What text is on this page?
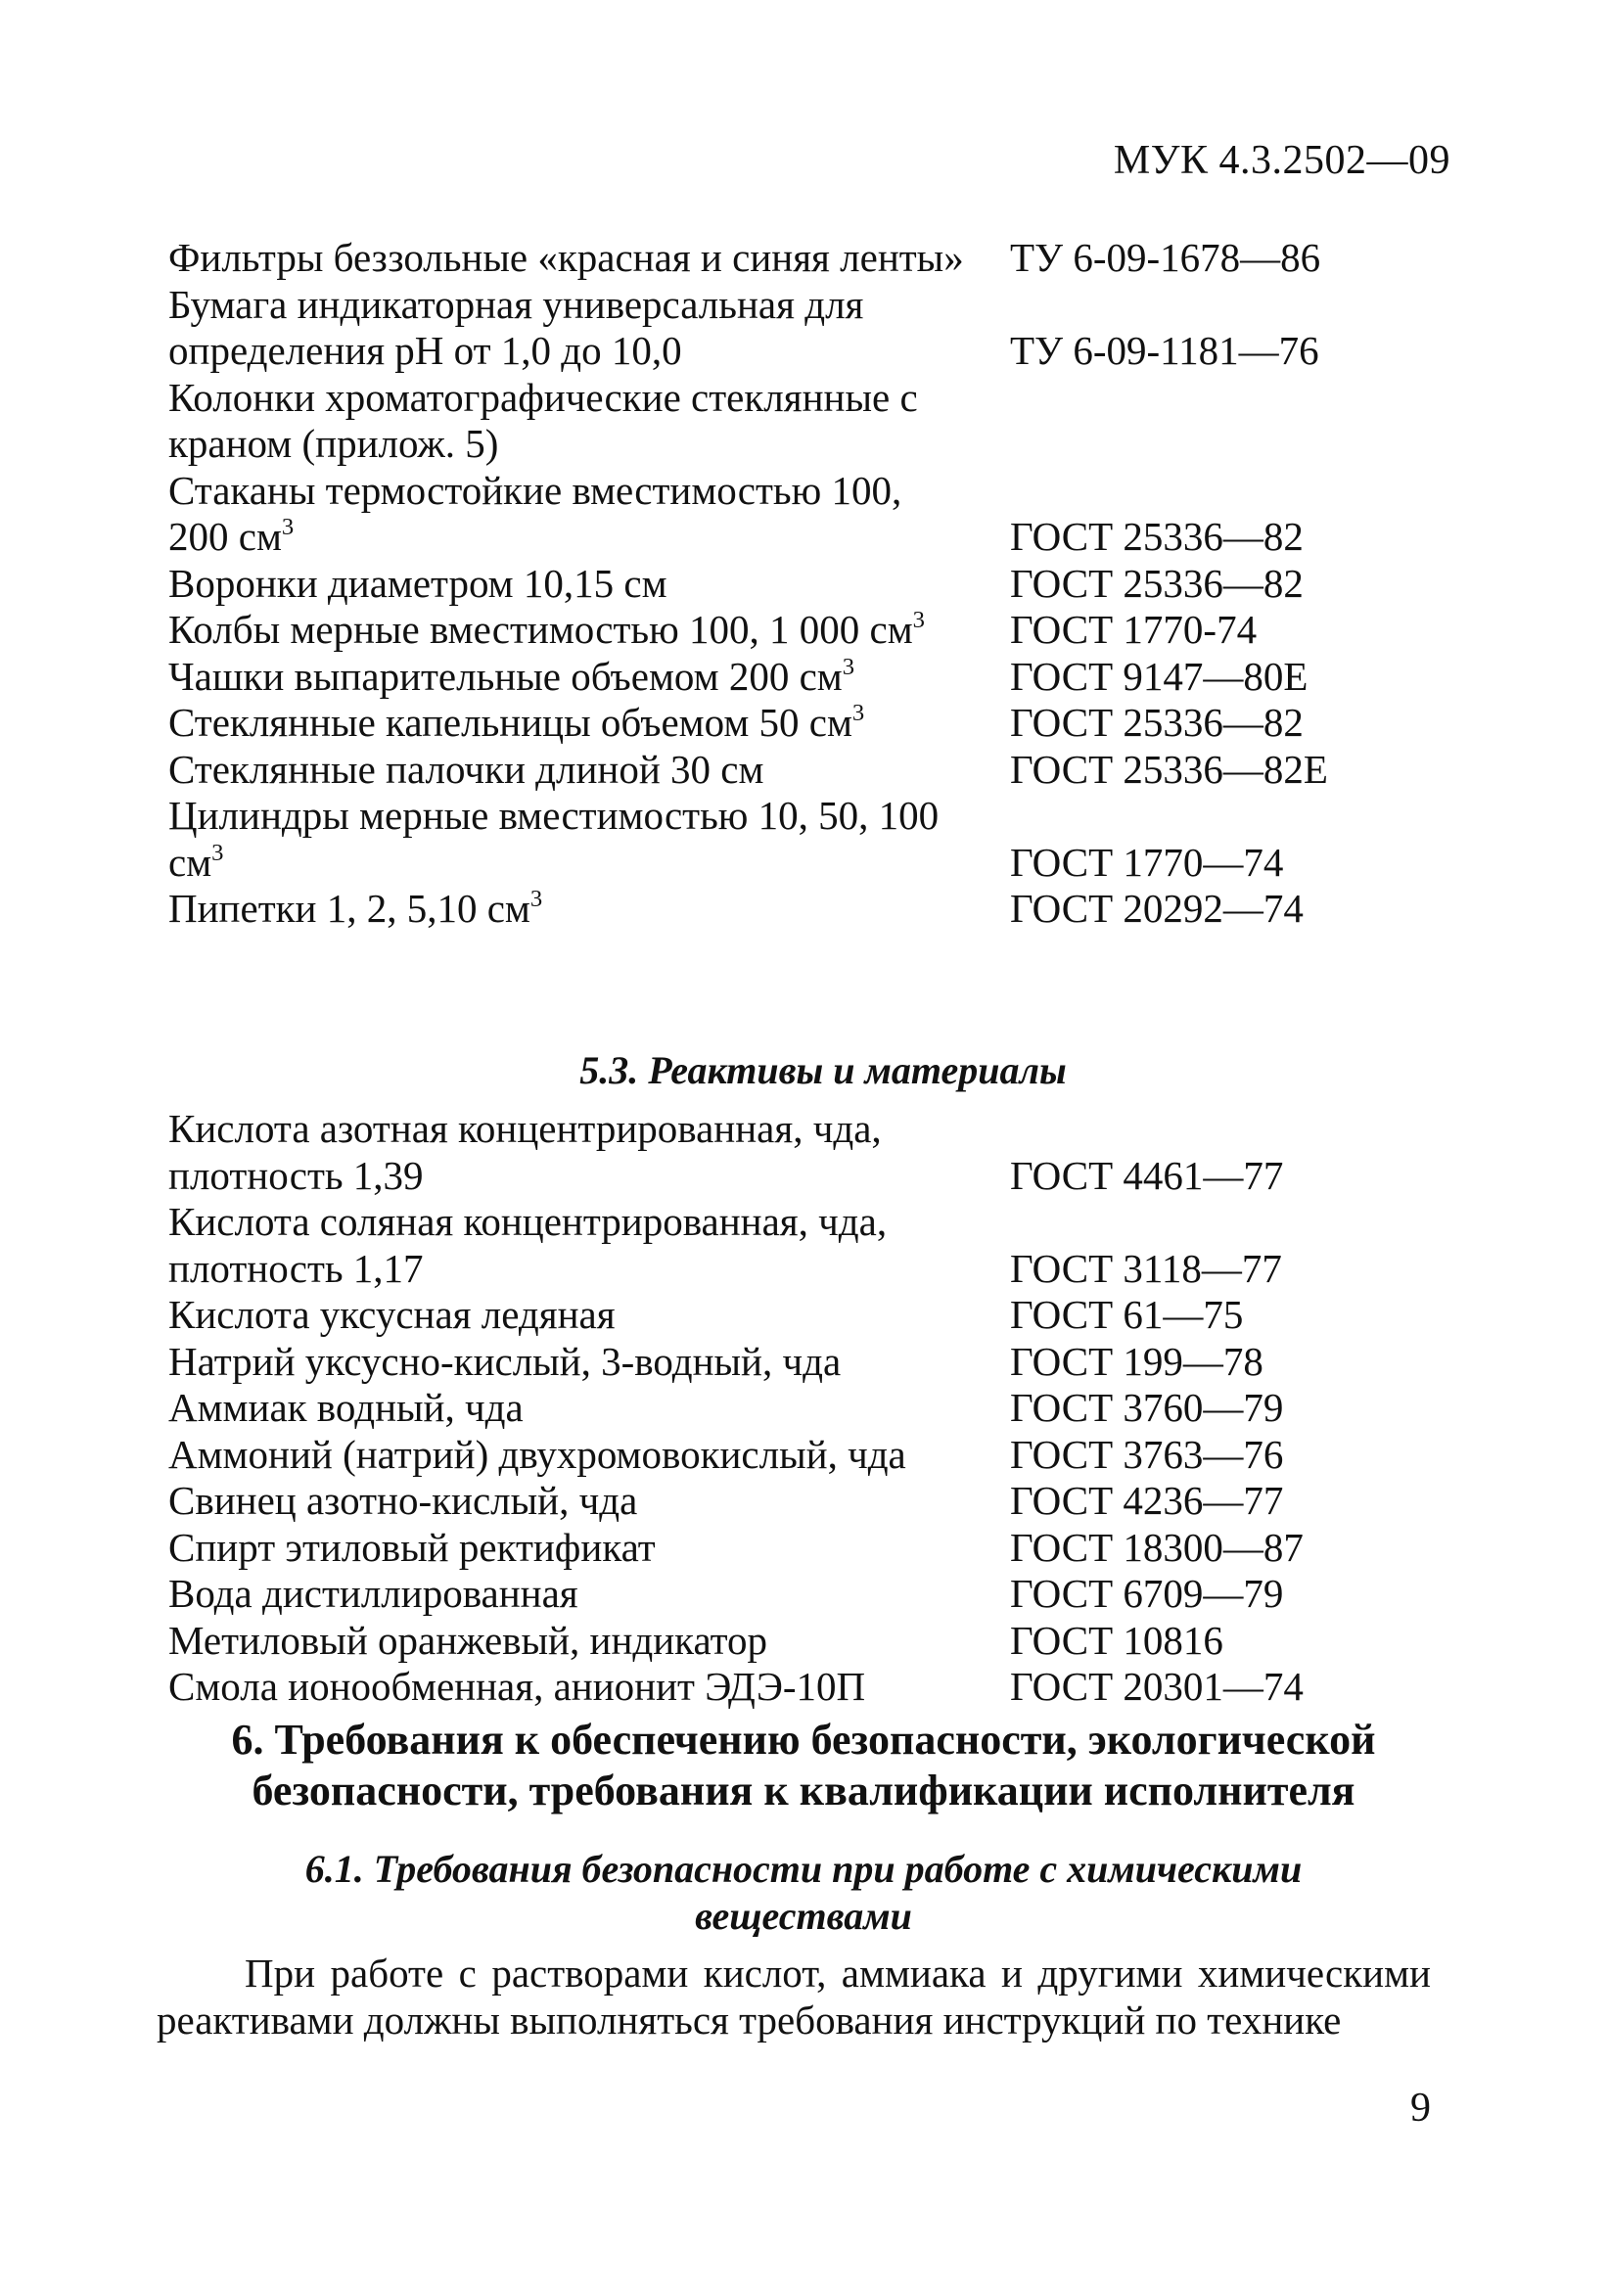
МУК 4.3.2502—09
Фильтры беззольные «красная и синяя ленты» ТУ 6-09-1678—86
Бумага индикаторная универсальная для определения pH от 1,0 до 10,0	ТУ 6-09-1181—76
Колонки хроматографические стеклянные с краном (прилож. 5)
Стаканы термостойкие вместимостью 100, 200 $см^3$	ГОСТ 25336—82
Воронки диаметром 10,15 см	ГОСТ 25336—82
Колбы мерные вместимостью 100, 1 000 $см^3$	ГОСТ 1770-74
Чашки выпарительные объемом 200 $см^3$	ГОСТ 9147—80Е
Стеклянные капельницы объемом 50 $см^3$	ГОСТ 25336—82
Стеклянные палочки длиной 30 см	ГОСТ 25336—82Е
Цилиндры мерные вместимостью 10, 50, 100 $см^3$	ГОСТ 1770—74
Пипетки 1, 2, 5,10 $см^3$	ГОСТ 20292—74
5.3. Реактивы и материалы
Кислота азотная концентрированная, чда, плотность 1,39	ГОСТ 4461—77
Кислота соляная концентрированная, чда, плотность 1,17	ГОСТ 3118—77
Кислота уксусная ледяная	ГОСТ 61—75
Натрий уксусно-кислый, 3-водный, чда	ГОСТ 199—78
Аммиак водный, чда	ГОСТ 3760—79
Аммоний (натрий) двухромовокислый, чда	ГОСТ 3763—76
Свинец азотно-кислый, чда	ГОСТ 4236—77
Спирт этиловый ректификат	ГОСТ 18300—87
Вода дистиллированная	ГОСТ 6709—79
Метиловый оранжевый, индикатор	ГОСТ 10816
Смола ионообменная, анионит ЭДЭ-10П	ГОСТ 20301—74
6. Требования к обеспечению безопасности, экологической безопасности, требования к квалификации исполнителя
6.1. Требования безопасности при работе с химическими веществами
При работе с растворами кислот, аммиака и другими химическими реактивами должны выполняться требования инструкций по технике
9
